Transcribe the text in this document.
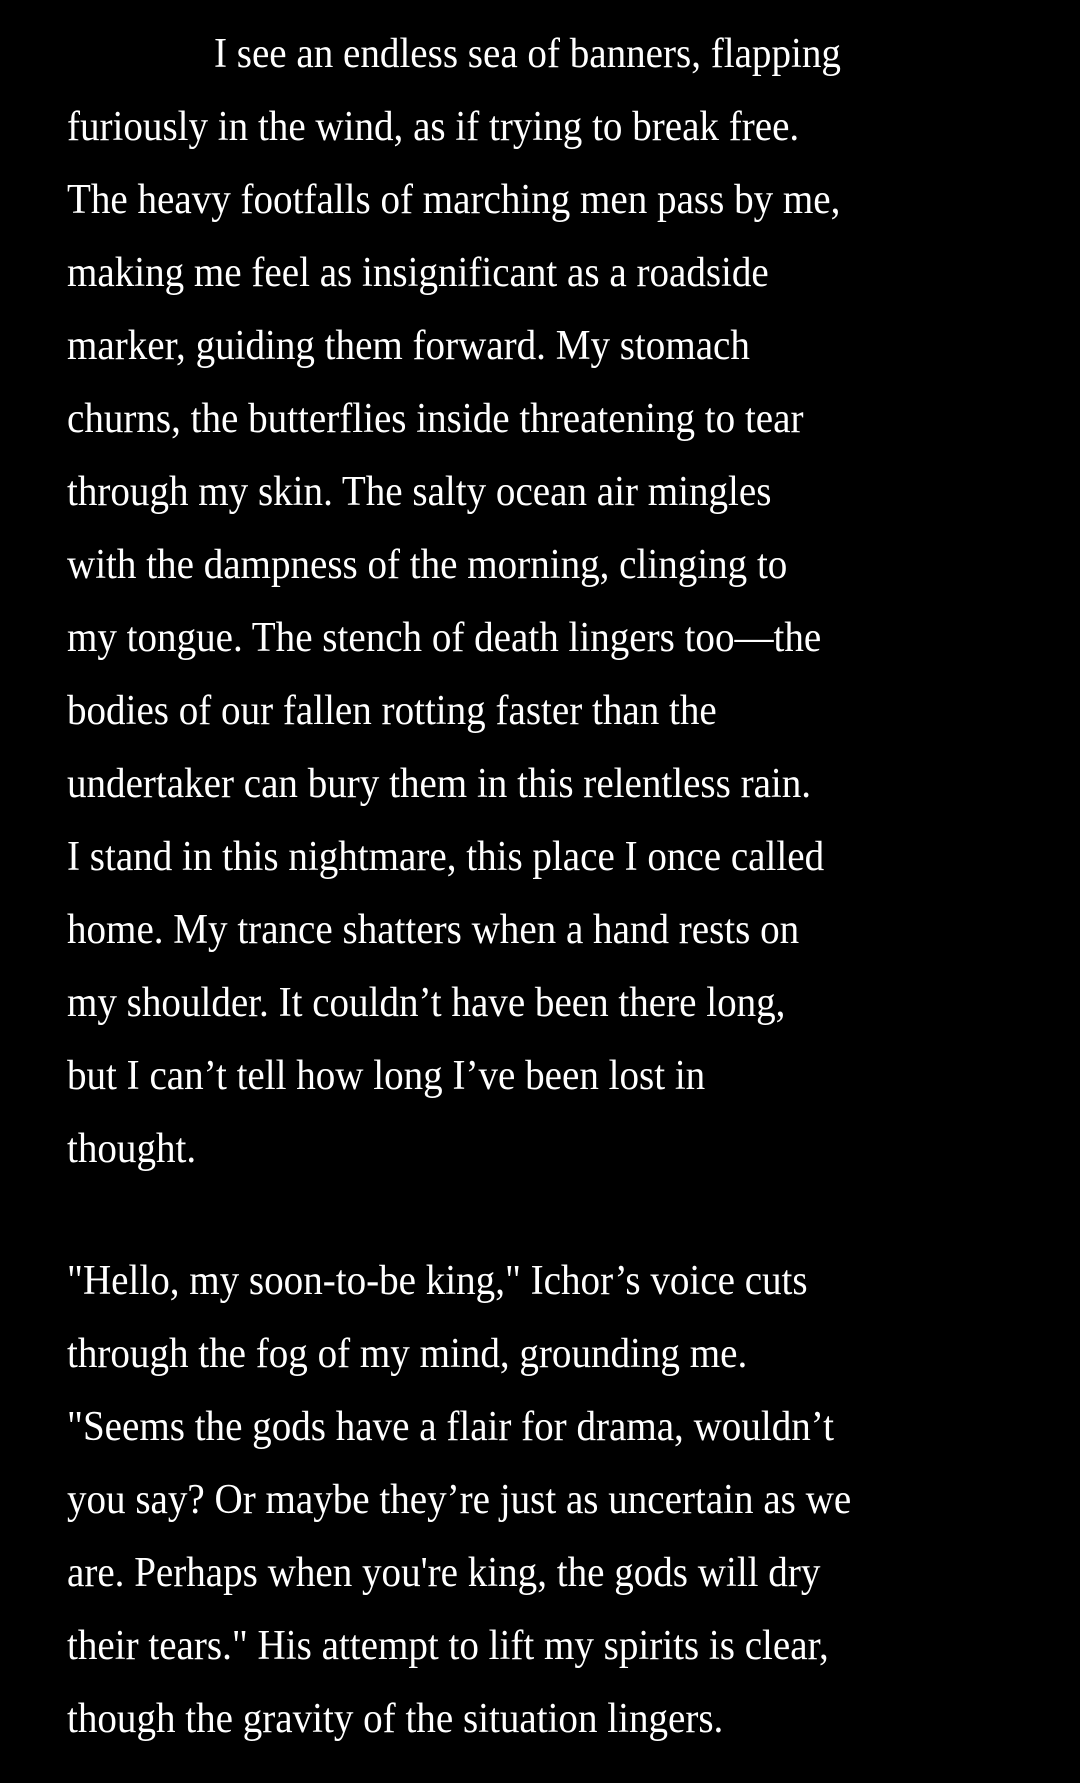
I see an endless sea of banners, flapping
furiously in the wind, as if trying to break free.
The heavy footfalls of marching men pass by me,
making me feel as insignificant as a roadside
marker, guiding them forward. My stomach
churns, the butterflies inside threatening to tear
through my skin. The salty ocean air mingles
with the dampness of the morning, clinging to
my tongue. The stench of death lingers too—the
bodies of our fallen rotting faster than the
undertaker can bury them in this relentless rain.
I stand in this nightmare, this place I once called
home. My trance shatters when a hand rests on
my shoulder. It couldn’t have been there long,
but I can’t tell how long I’ve been lost in
thought.
"Hello, my soon-to-be king," Ichor’s voice cuts
through the fog of my mind, grounding me.
"Seems the gods have a flair for drama, wouldn’t
you say? Or maybe they’re just as uncertain as we
are. Perhaps when you're king, the gods will dry
their tears." His attempt to lift my spirits is clear,
though the gravity of the situation lingers.
